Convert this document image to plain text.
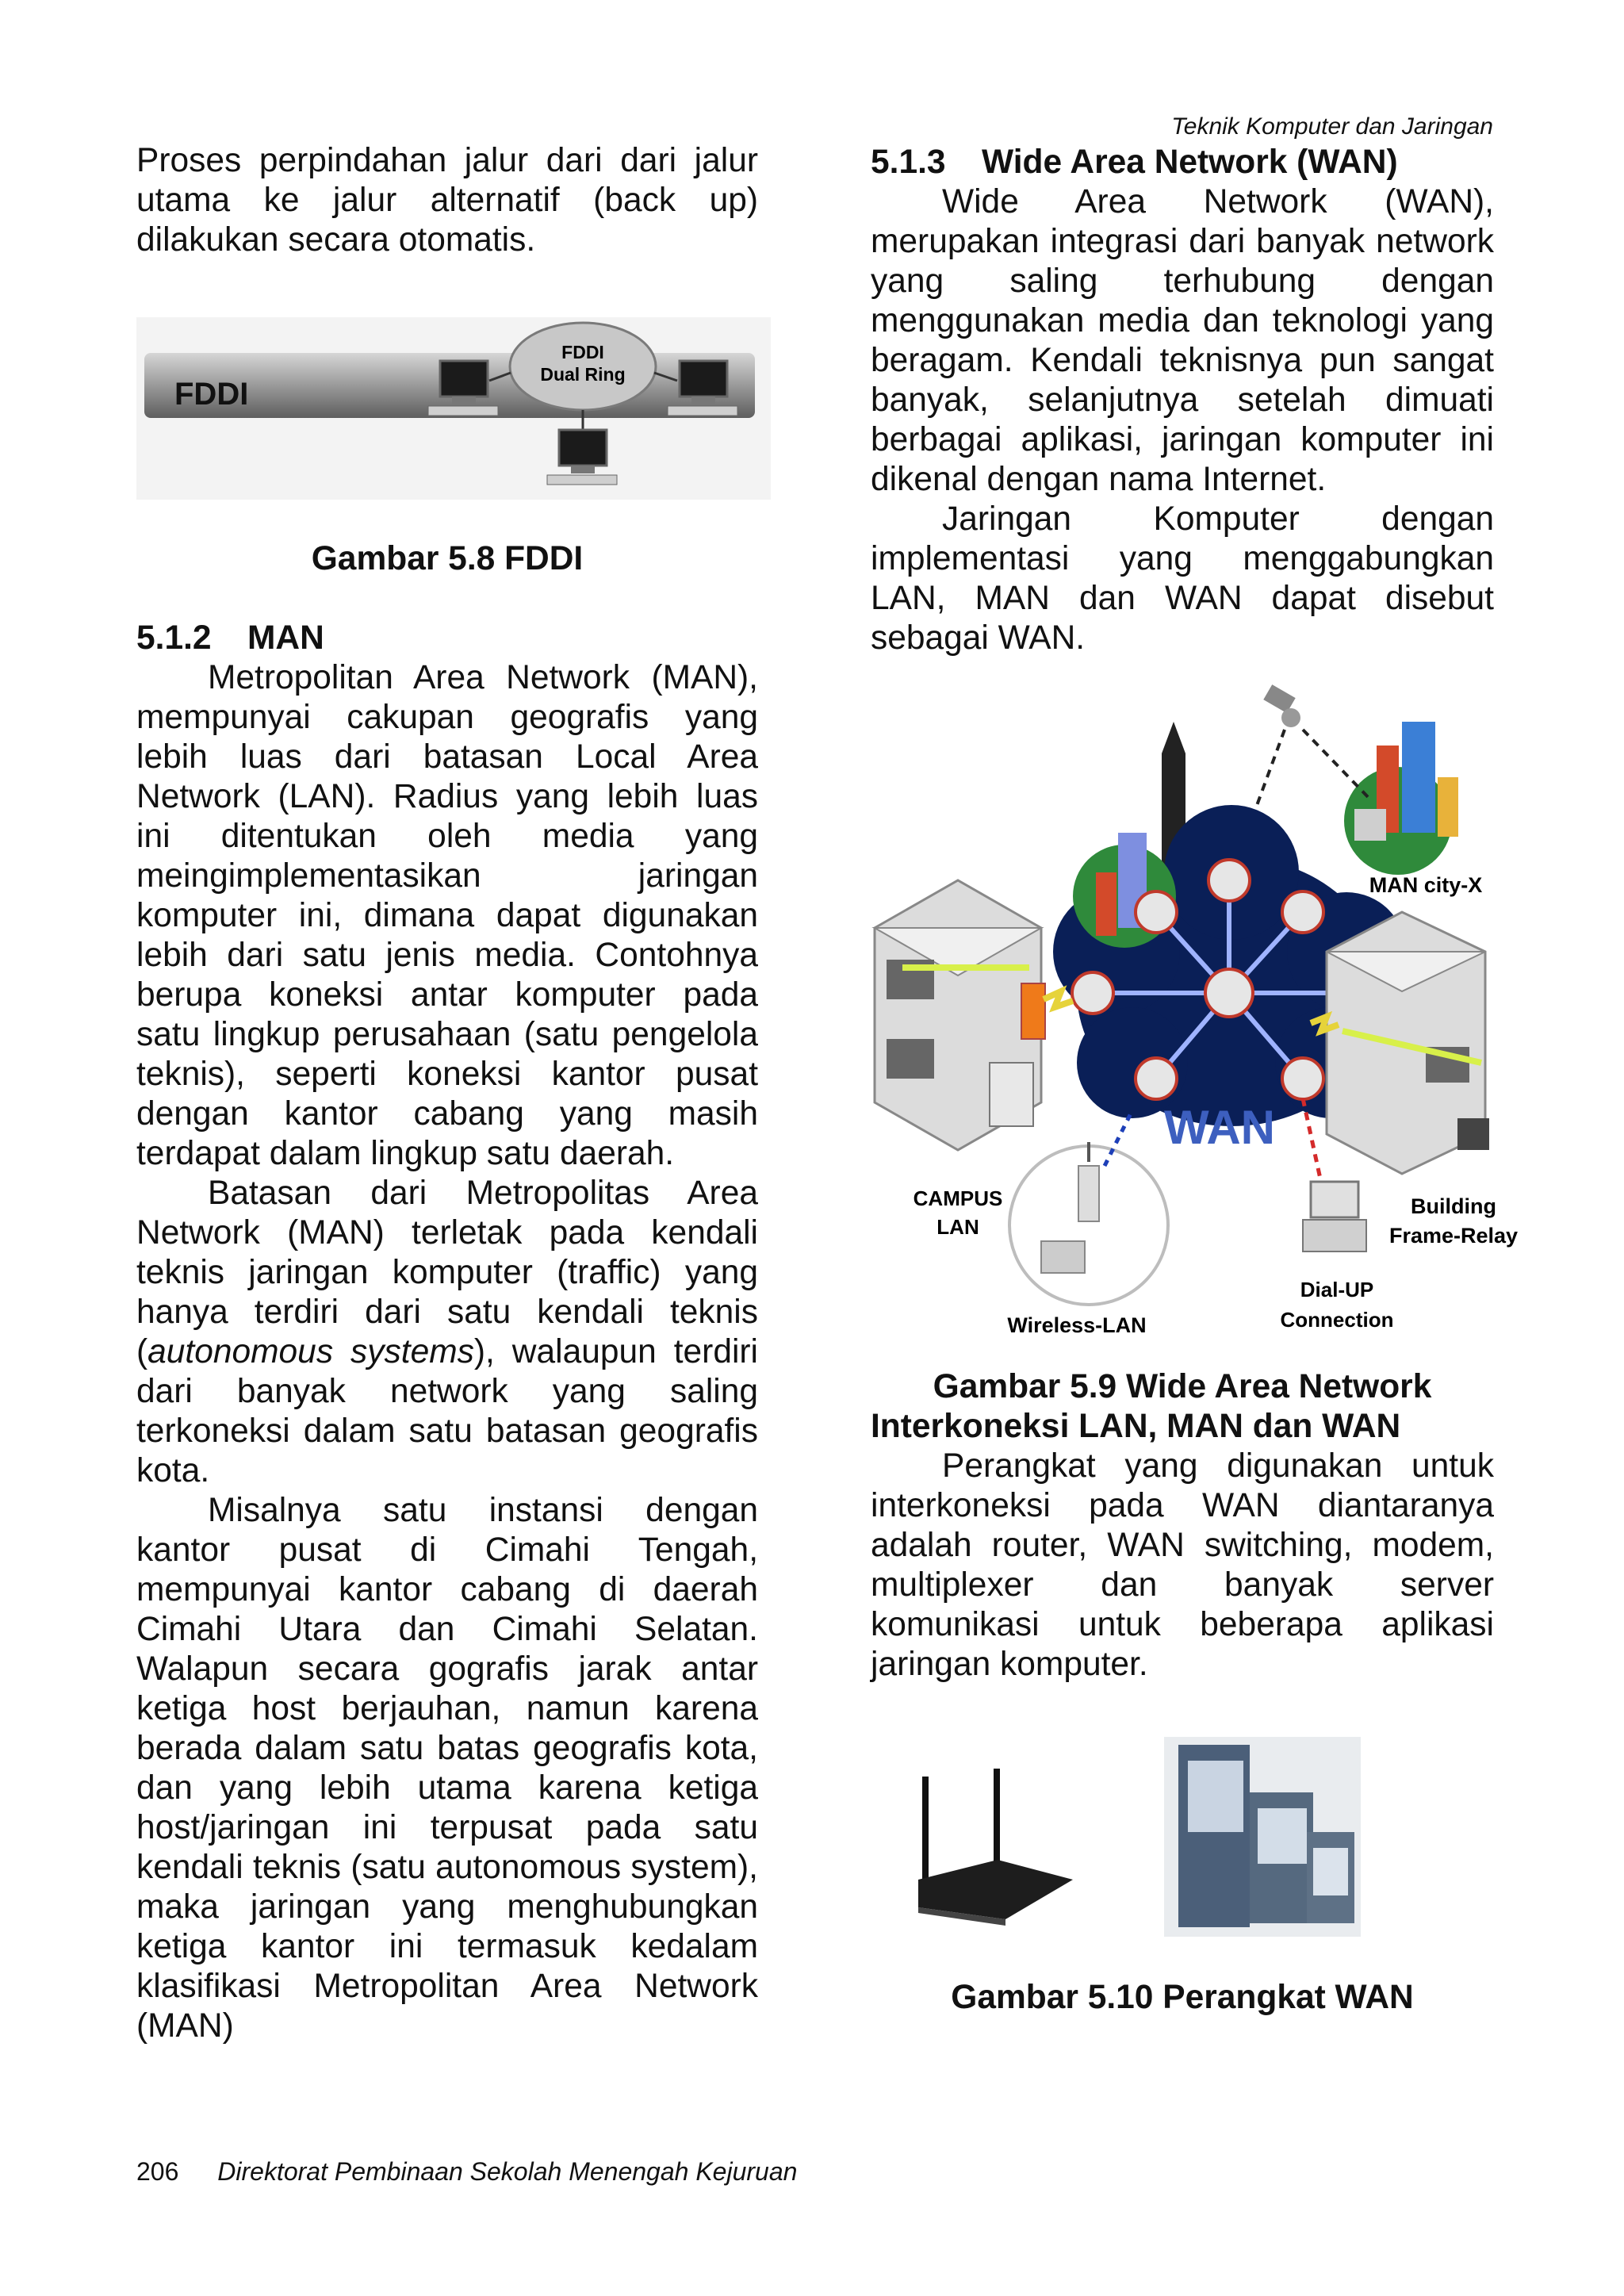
Teknik Komputer dan Jaringan

Proses perpindahan jalur dari dari jalur utama ke jalur alternatif (back up) dilakukan secara otomatis.

FDDI
FDDI
Dual Ring

Gambar 5.8 FDDI

5.1.2 MAN

Metropolitan Area Network (MAN), mempunyai cakupan geografis yang lebih luas dari batasan Local Area Network (LAN). Radius yang lebih luas ini ditentukan oleh media yang meingimplementasikan jaringan komputer ini, dimana dapat digunakan lebih dari satu jenis media. Contohnya berupa koneksi antar komputer pada satu lingkup perusahaan (satu pengelola teknis), seperti koneksi kantor pusat dengan kantor cabang yang masih terdapat dalam lingkup satu daerah.

Batasan dari Metropolitas Area Network (MAN) terletak pada kendali teknis jaringan komputer (traffic) yang hanya terdiri dari satu kendali teknis (autonomous systems), walaupun terdiri dari banyak network yang saling terkoneksi dalam satu batasan geografis kota.

Misalnya satu instansi dengan kantor pusat di Cimahi Tengah, mempunyai kantor cabang di daerah Cimahi Utara dan Cimahi Selatan. Walapun secara gografis jarak antar ketiga host berjauhan, namun karena berada dalam satu batas geografis kota, dan yang lebih utama karena ketiga host/jaringan ini terpusat pada satu kendali teknis (satu autonomous system), maka jaringan yang menghubungkan ketiga kantor ini termasuk kedalam klasifikasi Metropolitan Area Network (MAN)

5.1.3 Wide Area Network (WAN)

Wide Area Network (WAN), merupakan integrasi dari banyak network yang saling terhubung dengan menggunakan media dan teknologi yang beragam. Kendali teknisnya pun sangat banyak, selanjutnya setelah dimuati berbagai aplikasi, jaringan komputer ini dikenal dengan nama Internet.

Jaringan Komputer dengan implementasi yang menggabungkan LAN, MAN dan WAN dapat disebut sebagai WAN.

MAN city-X
WAN
CAMPUS
LAN
Building
Frame-Relay
Wireless-LAN
Dial-UP
Connection

Gambar 5.9 Wide Area Network

Interkoneksi LAN, MAN dan WAN

Perangkat yang digunakan untuk interkoneksi pada WAN diantaranya adalah router, WAN switching, modem, multiplexer dan banyak server komunikasi untuk beberapa aplikasi jaringan komputer.

Gambar 5.10 Perangkat WAN

206 Direktorat Pembinaan Sekolah Menengah Kejuruan
